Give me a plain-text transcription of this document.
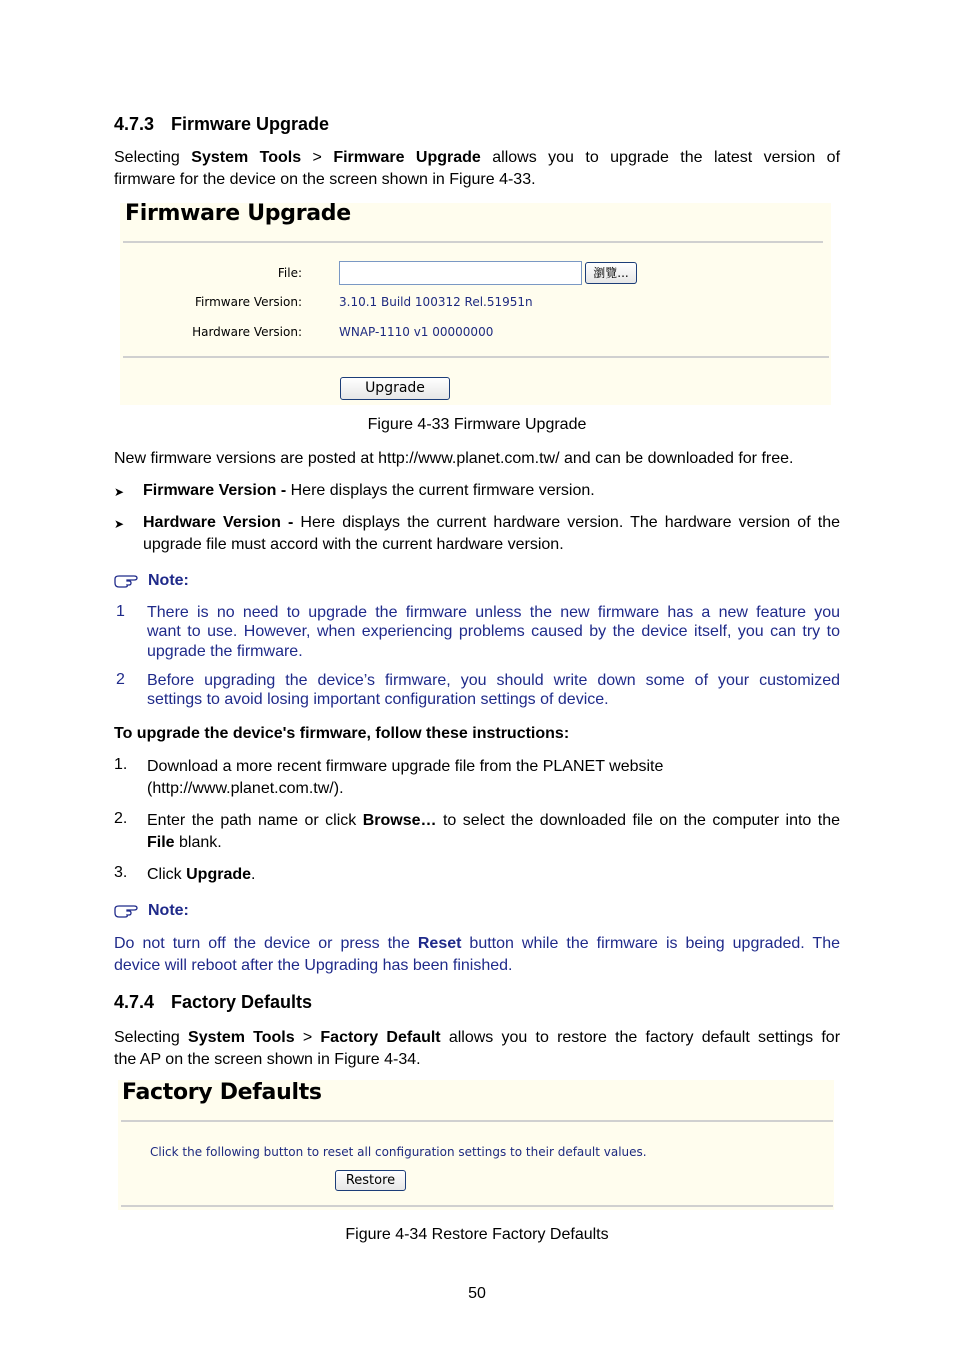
4.7.3 Firmware Upgrade
Selecting System Tools > Firmware Upgrade allows you to upgrade the latest version of
firmware for the device on the screen shown in Figure 4-33.
Firmware Upgrade
File:	瀏覽...
Firmware Version:	3.10.1 Build 100312 Rel.51951n
Hardware Version:	WNAP-1110 v1 00000000
Upgrade
Figure 4-33 Firmware Upgrade
New firmware versions are posted at http://www.planet.com.tw/ and can be downloaded for free.
➤ Firmware Version - Here displays the current firmware version.
➤ Hardware Version - Here displays the current hardware version. The hardware version of the
upgrade file must accord with the current hardware version.
Note:
1 There is no need to upgrade the firmware unless the new firmware has a new feature you
want to use. However, when experiencing problems caused by the device itself, you can try to
upgrade the firmware.
2 Before upgrading the device’s firmware, you should write down some of your customized
settings to avoid losing important configuration settings of device.
To upgrade the device's firmware, follow these instructions:
1. Download a more recent firmware upgrade file from the PLANET website
(http://www.planet.com.tw/).
2. Enter the path name or click Browse… to select the downloaded file on the computer into the
File blank.
3. Click Upgrade.
Note:
Do not turn off the device or press the Reset button while the firmware is being upgraded. The
device will reboot after the Upgrading has been finished.
4.7.4 Factory Defaults
Selecting System Tools > Factory Default allows you to restore the factory default settings for
the AP on the screen shown in Figure 4-34.
Factory Defaults
Click the following button to reset all configuration settings to their default values.
Restore
Figure 4-34 Restore Factory Defaults
50
